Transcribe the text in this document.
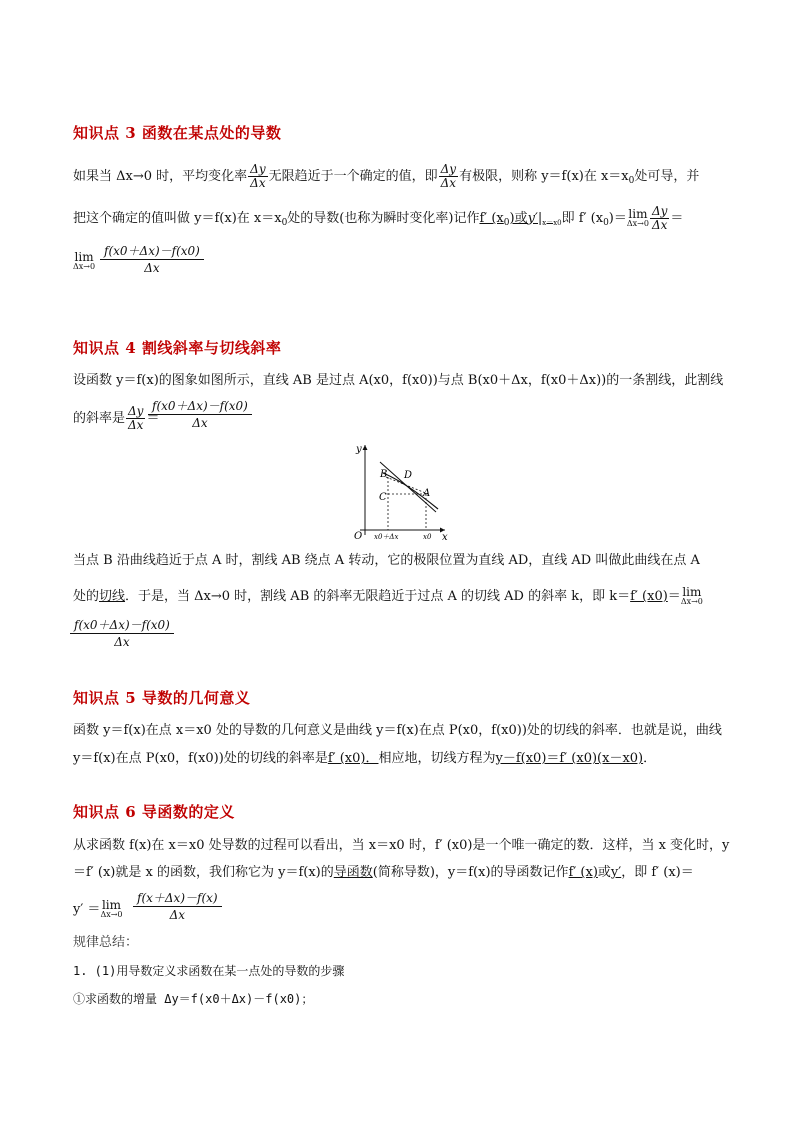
知识点 3 函数在某点处的导数
如果当 Δx→0 时，平均变化率 $\frac{\Delta y}{\Delta x}$ 无限趋近于一个确定的值，即 $\frac{\Delta y}{\Delta x}$ 有极限，则称 y＝f(x)在 $x=x_0$处可导，并
把这个确定的值叫做 y＝f(x)在 $x=x_0$处的导数(也称为瞬时变化率)记作f′ $(x_0)$或$y'|_{x=x0}$即 f′ $(x_0)= \lim$
$\Delta x\to 0 \frac{\Delta y}{\Delta x}$ ＝
lim
Δx→0
f(x0＋Δx)－f(x0)
Δx
知识点 4 割线斜率与切线斜率
设函数 y＝f(x)的图象如图所示，直线 AB 是过点 A(x0，f(x0))与点 B(x0＋Δx，f(x0＋Δx))的一条割线，此割线
的斜率是 $\frac{\Delta y}{\Delta x}$ ＝
f(x0＋Δx)－f(x0)
Δx
y
x
O
B D
C	A
x0＋Δx	x0
当点 B 沿曲线趋近于点 A 时，割线 AB 绕点 A 转动，它的极限位置为直线 AD，直线 AD 叫做此曲线在点 A
处的切线．于是，当 Δx→0 时，割线 AB 的斜率无限趋近于过点 A 的切线 AD 的斜率 k，即 k＝f′ (x0)＝ lim
Δx→0
f(x0＋Δx)－f(x0)
Δx
知识点 5 导数的几何意义
函数 y＝f(x)在点 x＝x0 处的导数的几何意义是曲线 y＝f(x)在点 P(x0，f(x0))处的切线的斜率．也就是说，曲线
y＝f(x)在点 P(x0，f(x0))处的切线的斜率是f′ (x0)．相应地，切线方程为y－f(x0)＝f′ (x0)(x－x0)．
知识点 6 导函数的定义
从求函数 f(x)在 x＝x0 处导数的过程可以看出，当 x＝x0 时，f′ (x0)是一个唯一确定的数．这样，当 x 变化时，y
＝f′ (x)就是 x 的函数，我们称它为 y＝f(x)的导函数(简称导数)，y＝f(x)的导函数记作f′ (x)或y′，即 f′ (x)＝
y′ ＝ lim
Δx→0
f(x＋Δx)－f(x)
Δx
规律总结：
1. (1)用导数定义求函数在某一点处的导数的步骤
①求函数的增量 Δy＝f(x0＋Δx)－f(x0)；
